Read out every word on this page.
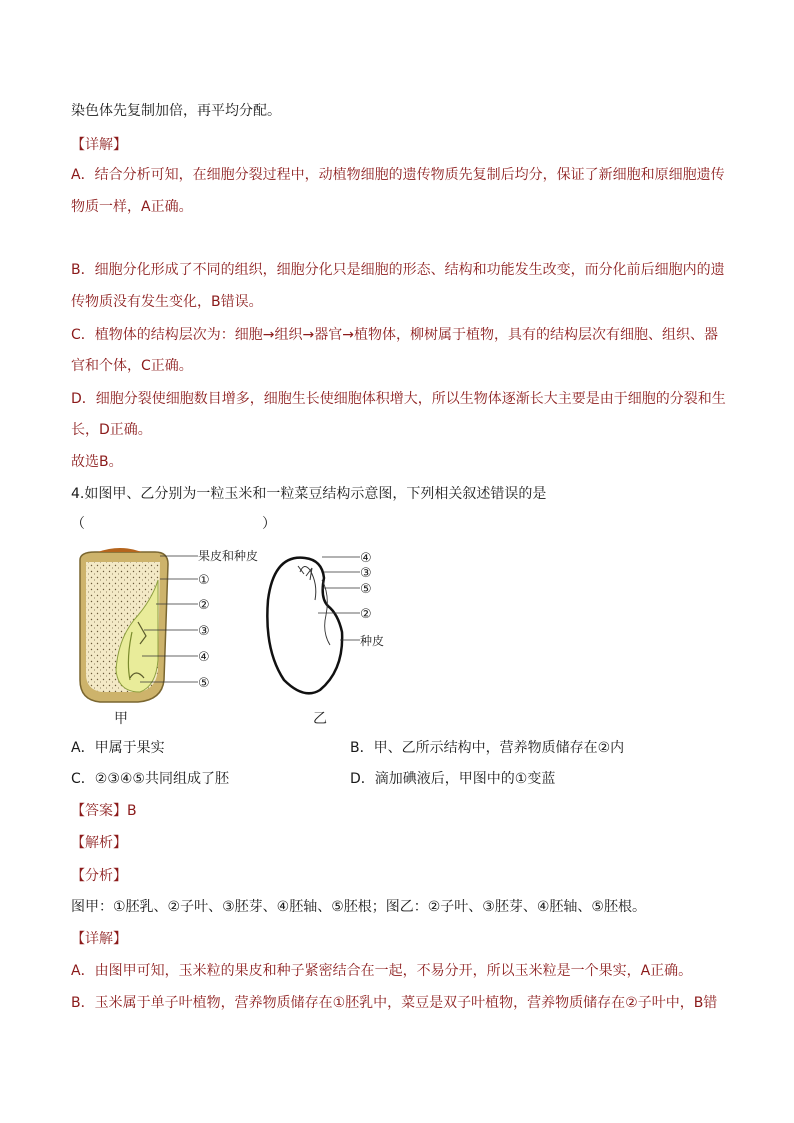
染色体先复制加倍，再平均分配。
【详解】
A．结合分析可知，在细胞分裂过程中，动植物细胞的遗传物质先复制后均分，保证了新细胞和原细胞遗传
物质一样，A正确。
B．细胞分化形成了不同的组织，细胞分化只是细胞的形态、结构和功能发生改变，而分化前后细胞内的遗
传物质没有发生变化，B错误。
C．植物体的结构层次为：细胞→组织→器官→植物体，柳树属于植物，具有的结构层次有细胞、组织、器
官和个体，C正确。
D．细胞分裂使细胞数目增多，细胞生长使细胞体积增大，所以生物体逐渐长大主要是由于细胞的分裂和生
长，D正确。
故选B。
4.如图甲、乙分别为一粒玉米和一粒菜豆结构示意图，下列相关叙述错误的是
（	）
果皮和种皮
①
②
③
④
⑤
甲
④
③
⑤
②
种皮
乙
A．甲属于果实	B．甲、乙所示结构中，营养物质储存在②内
C．②③④⑤共同组成了胚	D．滴加碘液后，甲图中的①变蓝
【答案】B
【解析】
【分析】
图甲：①胚乳、②子叶、③胚芽、④胚轴、⑤胚根；图乙：②子叶、③胚芽、④胚轴、⑤胚根。
【详解】
A．由图甲可知，玉米粒的果皮和种子紧密结合在一起，不易分开，所以玉米粒是一个果实，A正确。
B．玉米属于单子叶植物，营养物质储存在①胚乳中，菜豆是双子叶植物，营养物质储存在②子叶中，B错
